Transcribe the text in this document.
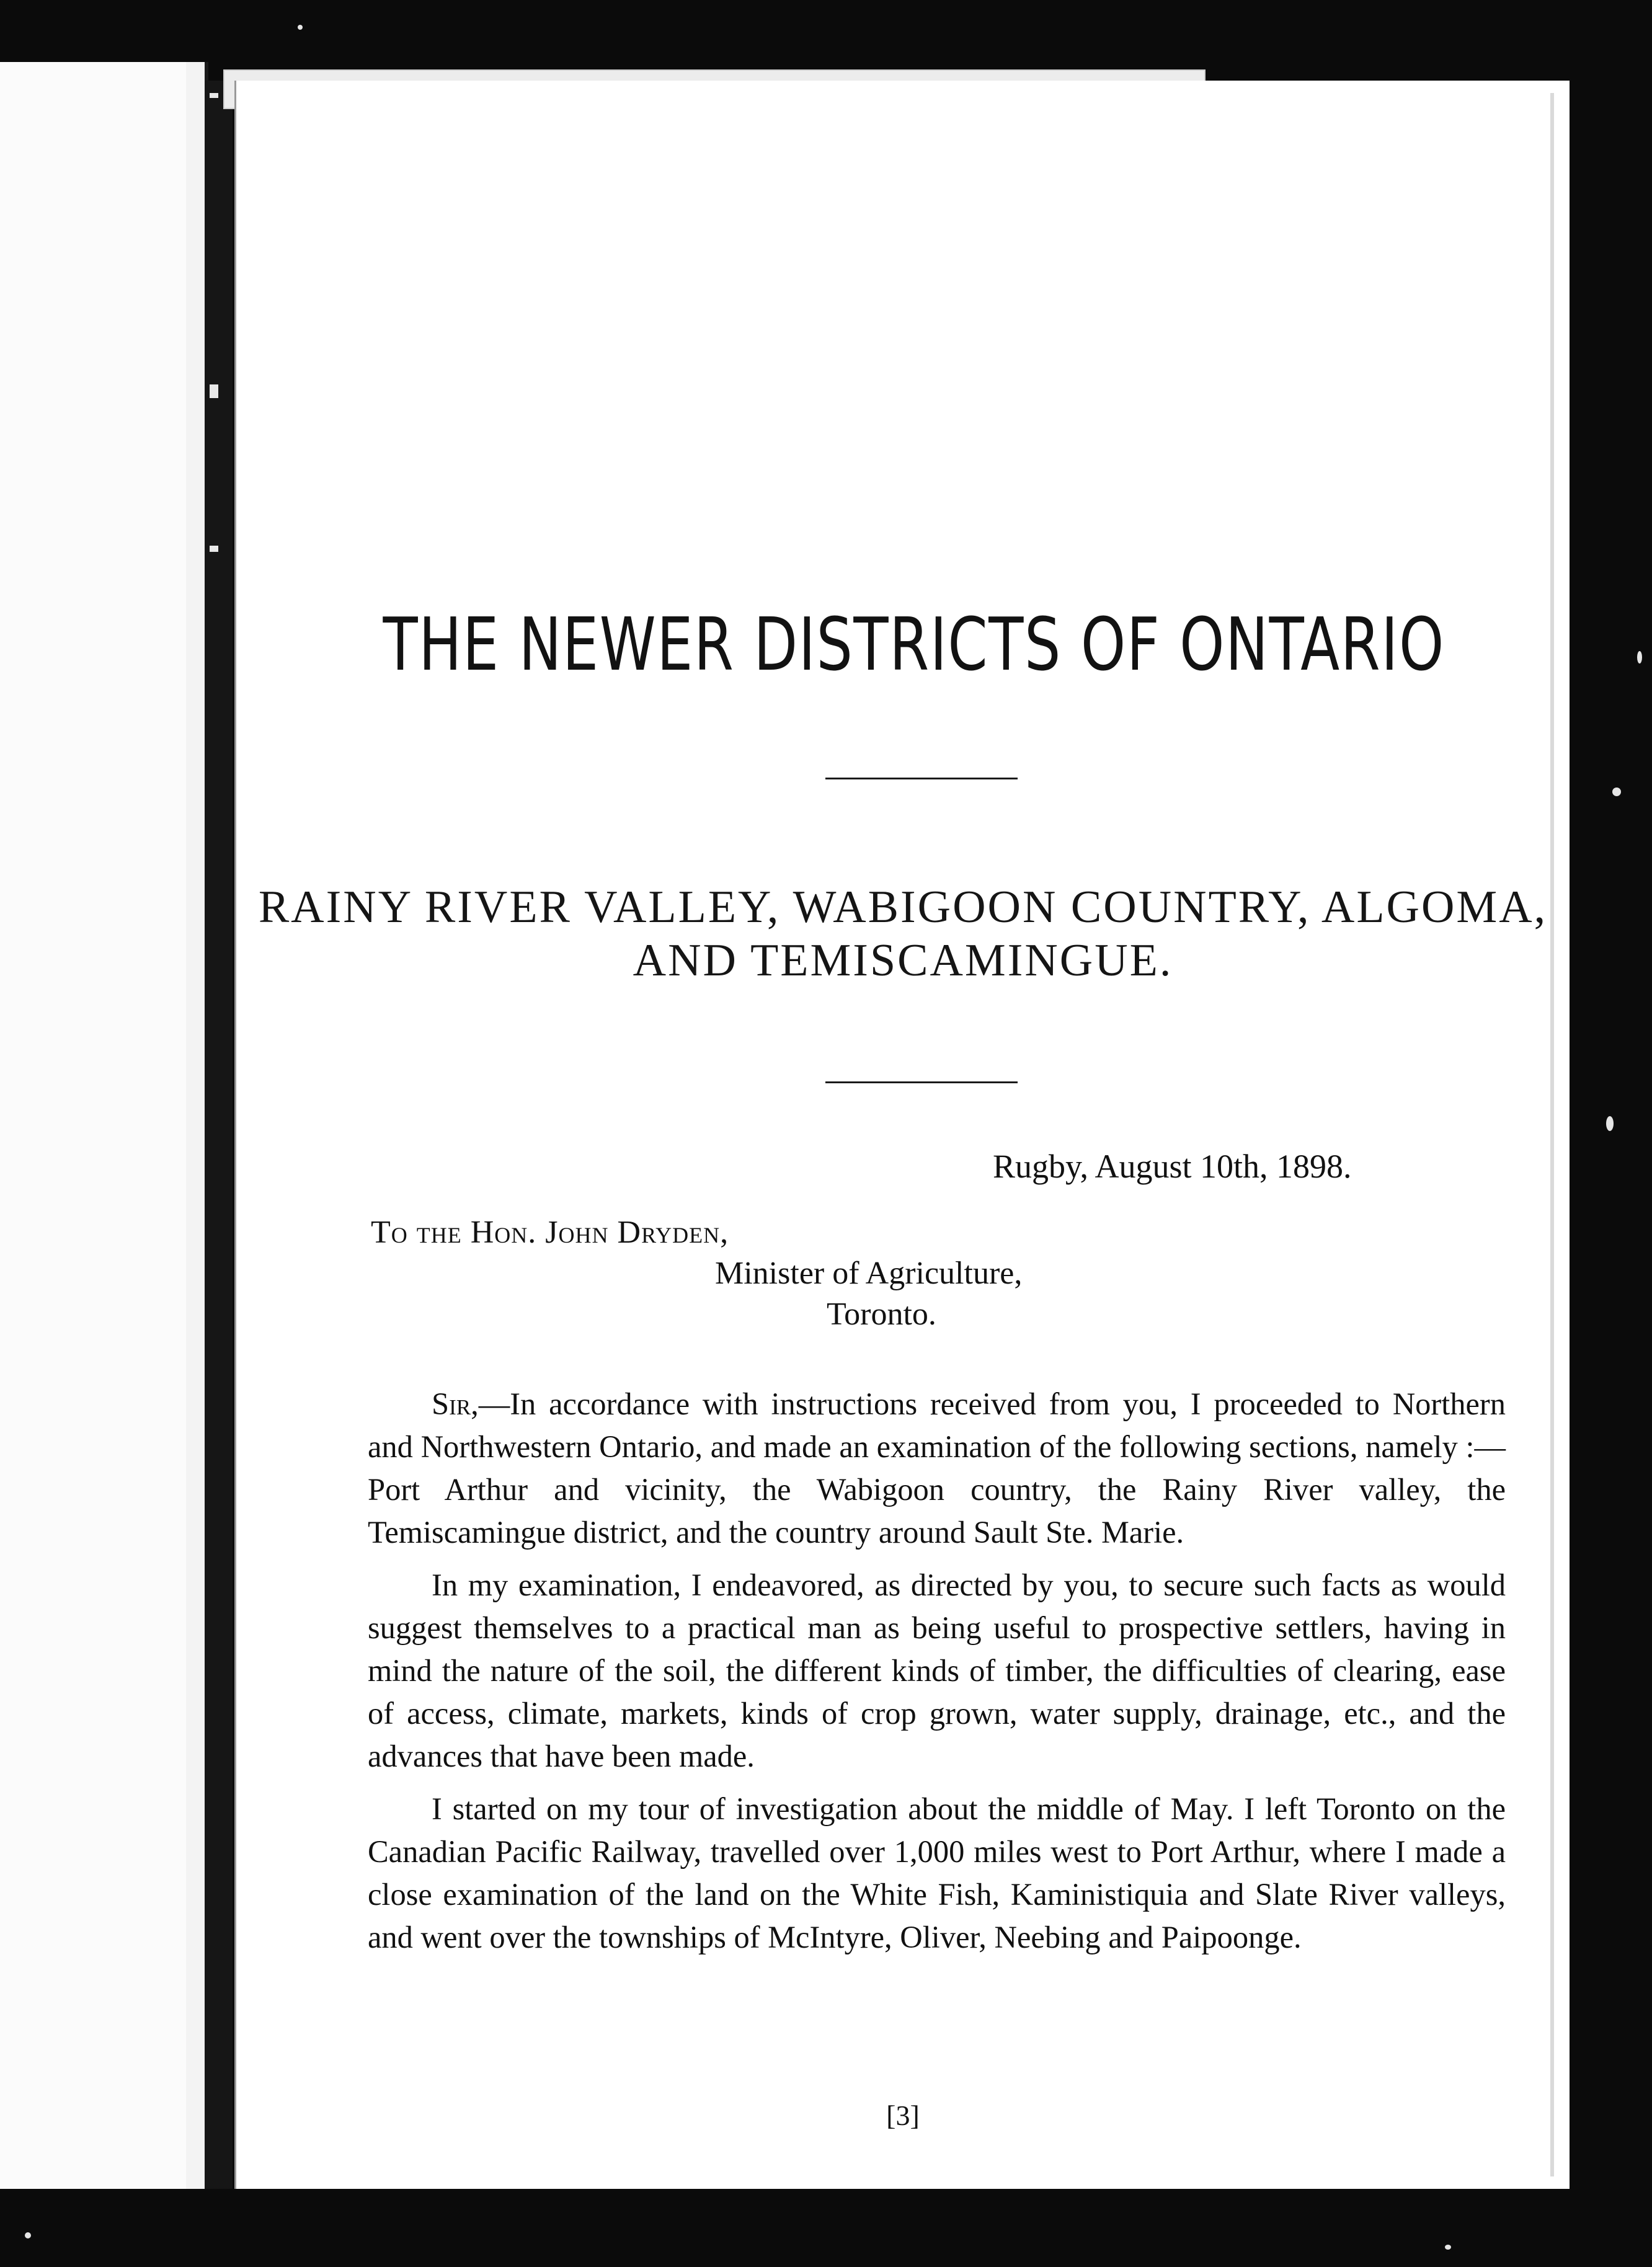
THE NEWER DISTRICTS OF ONTARIO
RAINY RIVER VALLEY, WABIGOON COUNTRY, ALGOMA,
AND TEMISCAMINGUE.
Rugby, August 10th, 1898.
To the Hon. John Dryden,
Minister of Agriculture,
Toronto.

Sir,—In accordance with instructions received from you, I proceeded to Northern and Northwestern Ontario, and made an examination of the following sections, namely :—Port Arthur and vicinity, the Wabigoon country, the Rainy River valley, the Temiscamingue district, and the country around Sault Ste. Marie.

In my examination, I endeavored, as directed by you, to secure such facts as would suggest themselves to a practical man as being useful to prospective settlers, having in mind the nature of the soil, the different kinds of timber, the difficulties of clearing, ease of access, climate, markets, kinds of crop grown, water supply, drainage, etc., and the advances that have been made.

I started on my tour of investigation about the middle of May. I left Toronto on the Canadian Pacific Railway, travelled over 1,000 miles west to Port Arthur, where I made a close examination of the land on the White Fish, Kaministiquia and Slate River valleys, and went over the townships of McIntyre, Oliver, Neebing and Paipoonge.

[3]
